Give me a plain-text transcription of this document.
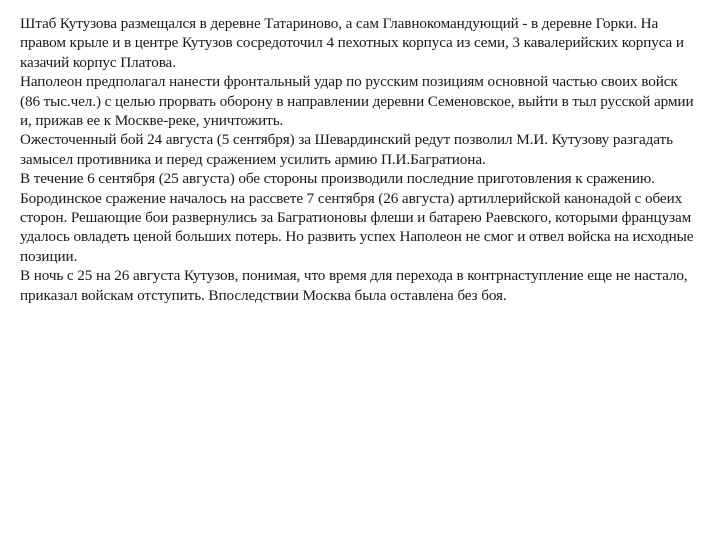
Штаб Кутузова размещался в деревне Татариново, а сам Главнокомандующий - в деревне Горки. На правом крыле и в центре Кутузов сосредоточил 4 пехотных корпуса из семи, 3 кавалерийских корпуса и казачий корпус Платова.

Наполеон предполагал нанести фронтальный удар по русским позициям основной частью своих войск (86 тыс.чел.) с целью прорвать оборону в направлении деревни Семеновское, выйти в тыл русской армии и, прижав ее к Москве-реке, уничтожить.

Ожесточенный бой 24 августа (5 сентября) за Шевардинский редут позволил М.И. Кутузову разгадать замысел противника и перед сражением усилить армию П.И.Багратиона.

В течение 6 сентября (25 августа) обе стороны производили последние приготовления к сражению.

Бородинское сражение началось на рассвете 7 сентября (26 августа) артиллерийской канонадой с обеих сторон. Решающие бои развернулись за Багратионовы флеши и батарею Раевского, которыми французам удалось овладеть ценой больших потерь. Но развить успех Наполеон не смог и отвел войска на исходные позиции.

В ночь с 25 на 26 августа Кутузов, понимая, что время для перехода в контрнаступление еще не настало, приказал войскам отступить. Впоследствии Москва была оставлена без боя.
